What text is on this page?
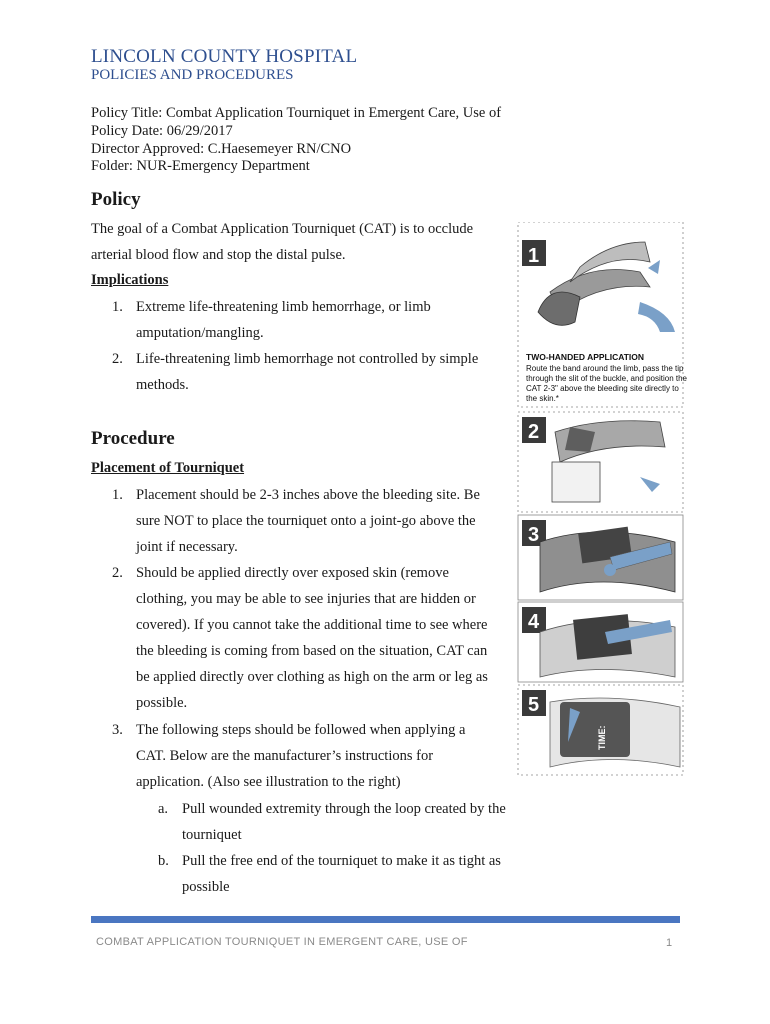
LINCOLN COUNTY HOSPITAL
POLICIES AND PROCEDURES
Policy Title: Combat Application Tourniquet in Emergent Care, Use of
Policy Date: 06/29/2017
Director Approved: C.Haesemeyer RN/CNO
Folder: NUR-Emergency Department
Policy
The goal of a Combat Application Tourniquet (CAT) is to occlude
arterial blood flow and stop the distal pulse.
Implications
1. Extreme life-threatening limb hemorrhage, or limb
amputation/mangling.
2. Life-threatening limb hemorrhage not controlled by simple
methods.
Procedure
Placement of Tourniquet
1. Placement should be 2-3 inches above the bleeding site. Be
sure NOT to place the tourniquet onto a joint-go above the
joint if necessary.
2. Should be applied directly over exposed skin (remove
clothing, you may be able to see injuries that are hidden or
covered). If you cannot take the additional time to see where
the bleeding is coming from based on the situation, CAT can
be applied directly over clothing as high on the arm or leg as
possible.
3. The following steps should be followed when applying a
CAT. Below are the manufacturer’s instructions for
application. (Also see illustration to the right)
a. Pull wounded extremity through the loop created by the
tourniquet
b. Pull the free end of the tourniquet to make it as tight as
possible
1
TWO-HANDED APPLICATION
Route the band around the limb, pass the tip
through the slit of the buckle, and position the
CAT 2-3" above the bleeding site directly to
the skin.*
2
3
4
5
TIME:
COMBAT APPLICATION TOURNIQUET IN EMERGENT CARE, USE OF	1
